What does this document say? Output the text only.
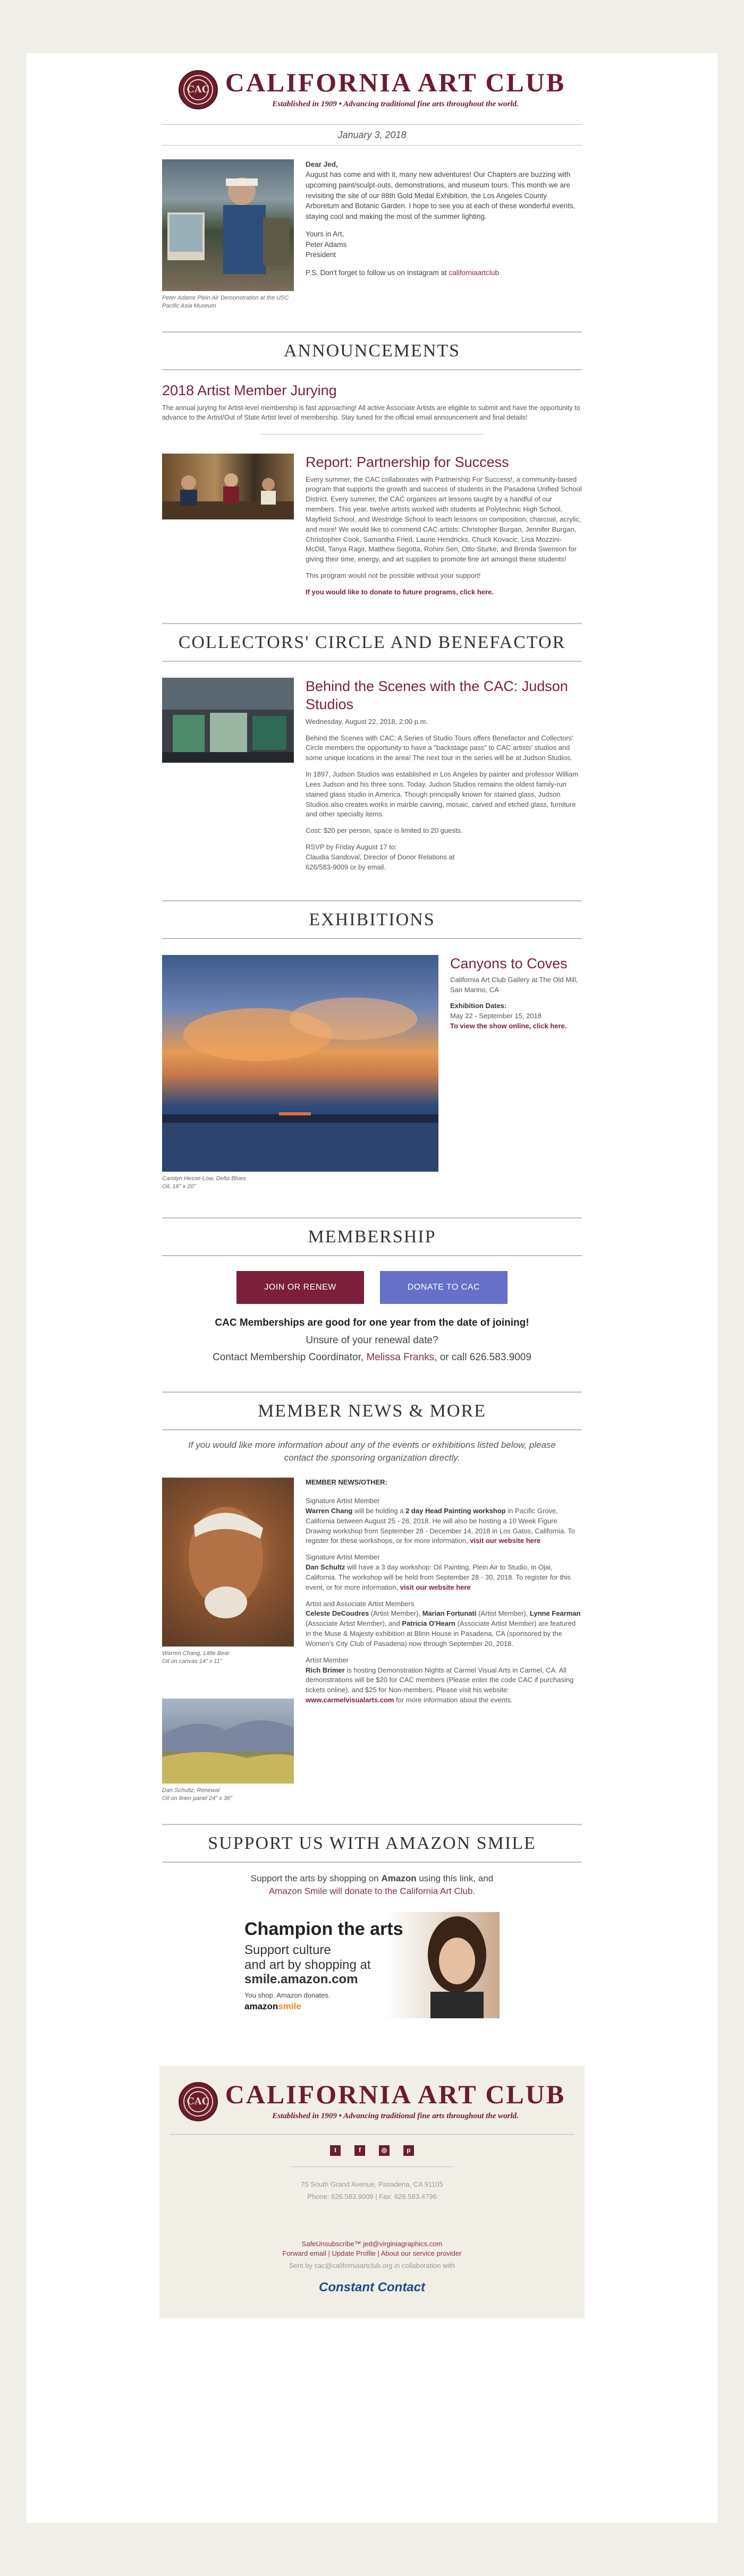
CAC CALIFORNIA ART CLUB
Established in 1909 • Advancing traditional fine arts throughout the world.
January 3, 2018
Peter Adams Plein Air Demonstration at the USC Pacific Asia Museum

Dear Jed,

August has come and with it, many new adventures! Our Chapters are buzzing with upcoming paint/sculpt-outs, demonstrations, and museum tours. This month we are revisiting the site of our 88th Gold Medal Exhibition, the Los Angeles County Arboretum and Botanic Garden. I hope to see you at each of these wonderful events, staying cool and making the most of the summer lighting.

Yours in Art,
Peter Adams
President

P.S. Don't forget to follow us on Instagram at californiaartclub

ANNOUNCEMENTS
2018 Artist Member Jurying
The annual jurying for Artist-level membership is fast approaching! All active Associate Artists are eligible to submit and have the opportunity to advance to the Artist/Out of State Artist level of membership. Stay tuned for the official email announcement and final details!
Report: Partnership for Success

Every summer, the CAC collaborates with Partnership For Success!, a community-based program that supports the growth and success of students in the Pasadena Unified School District. Every summer, the CAC organizes art lessons taught by a handful of our members. This year, twelve artists worked with students at Polytechnic High School, Mayfield School, and Westridge School to teach lessons on composition, charcoal, acrylic, and more! We would like to commend CAC artists: Christopher Burgan, Jennifer Burgan, Christopher Cook, Samantha Fried, Laurie Hendricks, Chuck Kovacic, Lisa Mozzini-McDill, Tanya Ragir, Matthew Segotta, Rohini Sen, Otto Sturke, and Brenda Swenson for giving their time, energy, and art supplies to promote fine art amongst these students!

This program would not be possible without your support!

If you would like to donate to future programs, click here.

COLLECTORS' CIRCLE AND BENEFACTOR
Behind the Scenes with the CAC: Judson Studios

Wednesday, August 22, 2018, 2:00 p.m.

Behind the Scenes with CAC: A Series of Studio Tours offers Benefactor and Collectors' Circle members the opportunity to have a "backstage pass" to CAC artists' studios and some unique locations in the area! The next tour in the series will be at Judson Studios.

In 1897, Judson Studios was established in Los Angeles by painter and professor William Lees Judson and his three sons. Today, Judson Studios remains the oldest family-run stained glass studio in America. Though principally known for stained glass, Judson Studios also creates works in marble carving, mosaic, carved and etched glass, furniture and other specialty items.

Cost: $20 per person, space is limited to 20 guests.

RSVP by Friday August 17 to:
Claudia Sandoval, Director of Donor Relations at
626/583-9009 or by email.

EXHIBITIONS
Carolyn Hesse-Low, Delta Blues
Oil, 16" x 20"
Canyons to Coves

California Art Club Gallery at The Old Mill, San Marino, CA

Exhibition Dates:

May 22 - September 15, 2018

To view the show online, click here.

MEMBERSHIP
JOIN OR RENEW	DONATE TO CAC
CAC Memberships are good for one year from the date of joining!
Unsure of your renewal date?
Contact Membership Coordinator, Melissa Franks, or call 626.583.9009
MEMBER NEWS & MORE
If you would like more information about any of the events or exhibitions listed below, please contact the sponsoring organization directly.
Warren Chang, Little Bear
Oil on canvas 14" x 11"
Dan Schultz, Renewal
Oil on linen panel 24" x 36"

MEMBER NEWS/OTHER:

Signature Artist Member

Warren Chang will be holding a 2 day Head Painting workshop in Pacific Grove, California between August 25 - 26, 2018. He will also be hosting a 10 Week Figure Drawing workshop from September 28 - December 14, 2018 in Los Gatos, California. To register for these workshops, or for more information, visit our website here

Signature Artist Member

Dan Schultz will have a 3 day workshop: Oil Painting, Plein Air to Studio, in Ojai, California. The workshop will be held from September 28 - 30, 2018. To register for this event, or for more information, visit our website here

Artist and Associate Artist Members

Celeste DeCoudres (Artist Member), Marian Fortunati (Artist Member), Lynne Fearman (Associate Artist Member), and Patricia O'Hearn (Associate Artist Member) are featured in the Muse & Majesty exhibition at Blinn House in Pasadena, CA (sponsored by the Women's City Club of Pasadena) now through September 20, 2018.

Artist Member

Rich Brimer is hosting Demonstration Nights at Carmel Visual Arts in Carmel, CA. All demonstrations will be $20 for CAC members (Please enter the code CAC if purchasing tickets online), and $25 for Non-members. Please visit his website: www.carmelvisualarts.com for more information about the events.

SUPPORT US WITH AMAZON SMILE
Support the arts by shopping on Amazon using this link, and
Amazon Smile will donate to the California Art Club.
Champion the arts
Support culture
and art by shopping at
smile.amazon.com
You shop. Amazon donates.
amazonsmile
CAC CALIFORNIA ART CLUB
Established in 1909 • Advancing traditional fine arts throughout the world.
t	f	◎	p
75 South Grand Avenue, Pasadena, CA 91105
Phone: 626.583.9009 | Fax: 626.583.4796
SafeUnsubscribe™ jed@virginiagraphics.com
Forward email | Update Profile | About our service provider
Sent by cac@californiaartclub.org in collaboration with
Constant Contact
